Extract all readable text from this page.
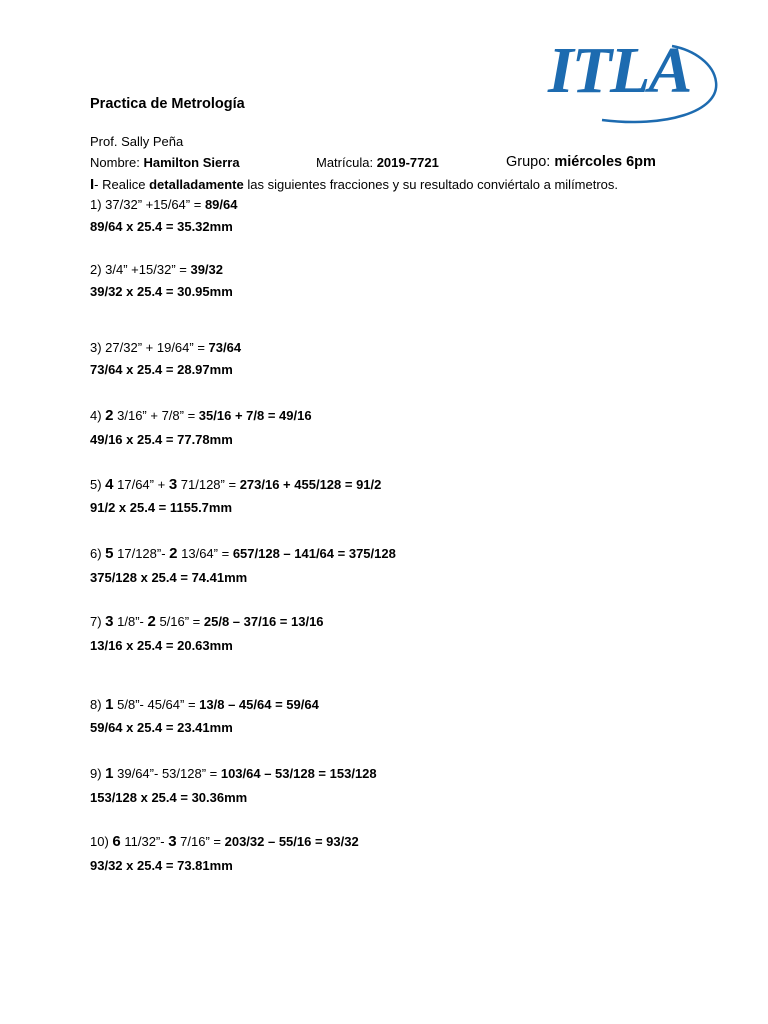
ITLA
Practica de Metrología
Prof. Sally Peña
Nombre: Hamilton Sierra	Matrícula: 2019-7721	Grupo: miércoles 6pm
I- Realice detalladamente las siguientes fracciones y su resultado conviértalo a milímetros.
1) 37/32” +15/64” = 89/64
89/64 x 25.4 = 35.32mm
2) 3/4” +15/32” = 39/32
39/32 x 25.4 = 30.95mm
3) 27/32” + 19/64” = 73/64
73/64 x 25.4 = 28.97mm
4) 2 3/16” + 7/8” = 35/16 + 7/8 = 49/16
49/16 x 25.4 = 77.78mm
5) 4 17/64” + 3 71/128” = 273/16 + 455/128 = 91/2
91/2 x 25.4 = 1155.7mm
6) 5 17/128”- 2 13/64” = 657/128 – 141/64 = 375/128
375/128 x 25.4 = 74.41mm
7) 3 1/8”- 2 5/16” = 25/8 – 37/16 = 13/16
13/16 x 25.4 = 20.63mm
8) 1 5/8”- 45/64” = 13/8 – 45/64 = 59/64
59/64 x 25.4 = 23.41mm
9) 1 39/64”- 53/128” = 103/64 – 53/128 = 153/128
153/128 x 25.4 = 30.36mm
10) 6 11/32”- 3 7/16” = 203/32 – 55/16 = 93/32
93/32 x 25.4 = 73.81mm
